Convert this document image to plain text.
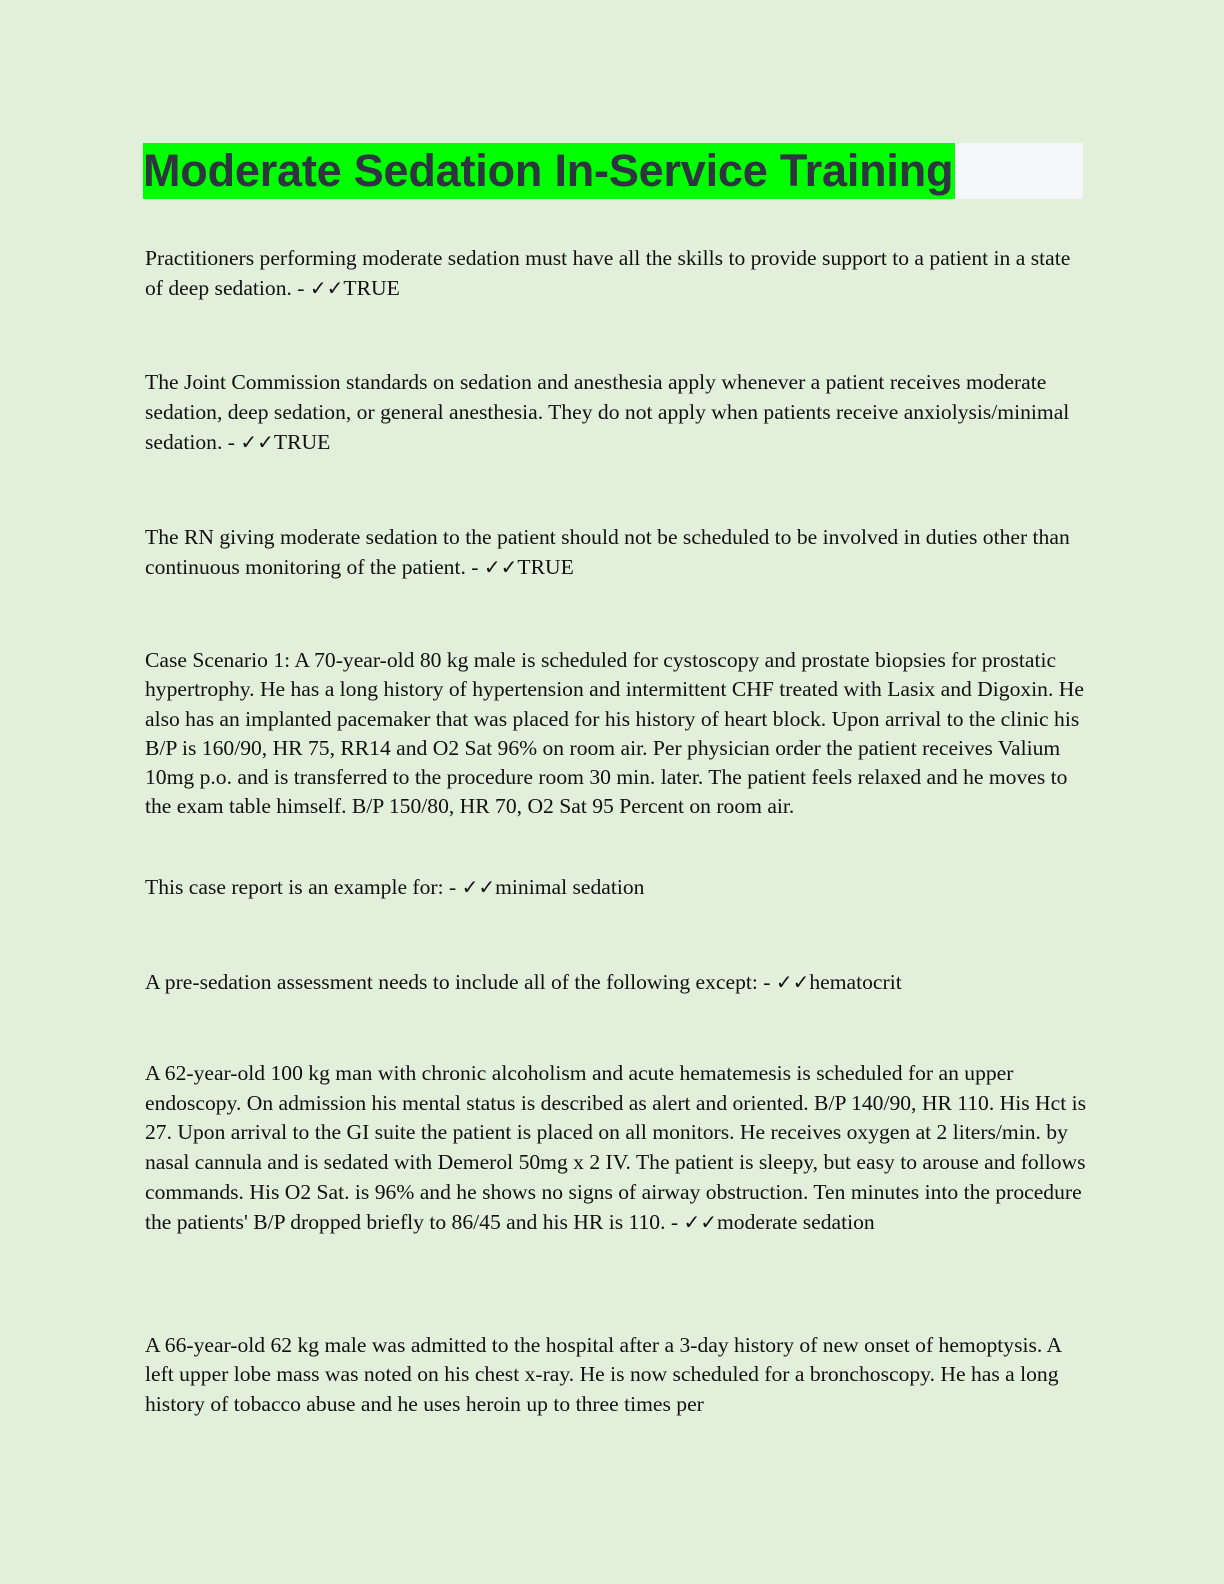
Moderate Sedation In-Service Training

Practitioners performing moderate sedation must have all the skills to provide support to a patient in a state of deep sedation. - ✓✓TRUE

The Joint Commission standards on sedation and anesthesia apply whenever a patient receives moderate sedation, deep sedation, or general anesthesia. They do not apply when patients receive anxiolysis/minimal sedation. - ✓✓TRUE

The RN giving moderate sedation to the patient should not be scheduled to be involved in duties other than continuous monitoring of the patient. - ✓✓TRUE

Case Scenario 1: A 70-year-old 80 kg male is scheduled for cystoscopy and prostate biopsies for prostatic hypertrophy. He has a long history of hypertension and intermittent CHF treated with Lasix and Digoxin. He also has an implanted pacemaker that was placed for his history of heart block. Upon arrival to the clinic his B/P is 160/90, HR 75, RR14 and O2 Sat 96% on room air. Per physician order the patient receives Valium 10mg p.o. and is transferred to the procedure room 30 min. later. The patient feels relaxed and he moves to the exam table himself. B/P 150/80, HR 70, O2 Sat 95 Percent on room air.

This case report is an example for: - ✓✓minimal sedation

A pre-sedation assessment needs to include all of the following except: - ✓✓hematocrit

A 62-year-old 100 kg man with chronic alcoholism and acute hematemesis is scheduled for an upper endoscopy. On admission his mental status is described as alert and oriented. B/P 140/90, HR 110. His Hct is 27. Upon arrival to the GI suite the patient is placed on all monitors. He receives oxygen at 2 liters/min. by nasal cannula and is sedated with Demerol 50mg x 2 IV. The patient is sleepy, but easy to arouse and follows commands. His O2 Sat. is 96% and he shows no signs of airway obstruction. Ten minutes into the procedure the patients' B/P dropped briefly to 86/45 and his HR is 110. - ✓✓moderate sedation

A 66-year-old 62 kg male was admitted to the hospital after a 3-day history of new onset of hemoptysis. A left upper lobe mass was noted on his chest x-ray. He is now scheduled for a bronchoscopy. He has a long history of tobacco abuse and he uses heroin up to three times per
